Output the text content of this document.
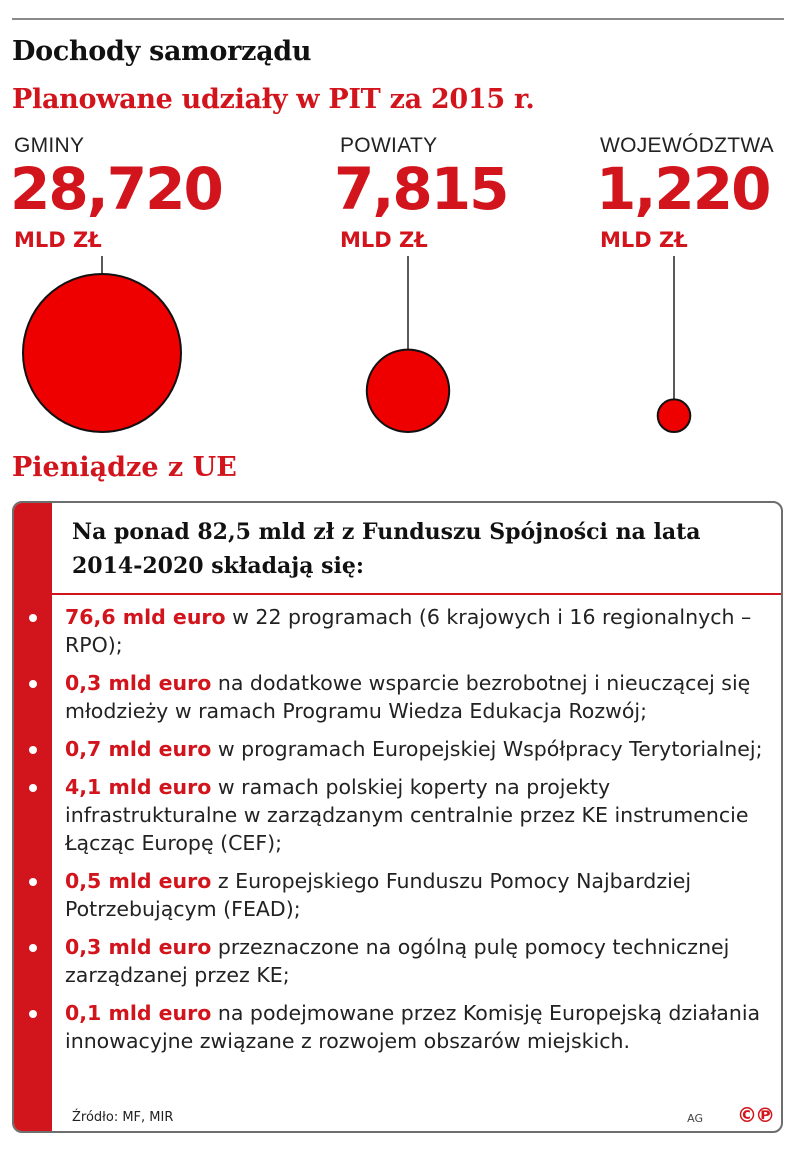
Dochody samorządu
Planowane udziały w PIT za 2015 r.
GMINY
28,720
MLD ZŁ
POWIATY
7,815
MLD ZŁ
WOJEWÓDZTWA
1,220
MLD ZŁ
Pieniądze z UE
Na ponad 82,5 mld zł z Funduszu Spójności na lata 2014-2020 składają się:
76,6 mld euro w 22 programach (6 krajowych i 16 regionalnych – RPO);
0,3 mld euro na dodatkowe wsparcie bezrobotnej i nieuczącej się młodzieży w ramach Programu Wiedza Edukacja Rozwój;
0,7 mld euro w programach Europejskiej Współpracy Terytorialnej;
4,1 mld euro w ramach polskiej koperty na projekty infrastrukturalne w zarządzanym centralnie przez KE instrumencie Łącząc Europę (CEF);
0,5 mld euro z Europejskiego Funduszu Pomocy Najbardziej Potrzebującym (FEAD);
0,3 mld euro przeznaczone na ogólną pulę pomocy technicznej zarządzanej przez KE;
0,1 mld euro na podejmowane przez Komisję Europejską działania innowacyjne związane z rozwojem obszarów miejskich.
Źródło: MF, MIR	AG ©℗
